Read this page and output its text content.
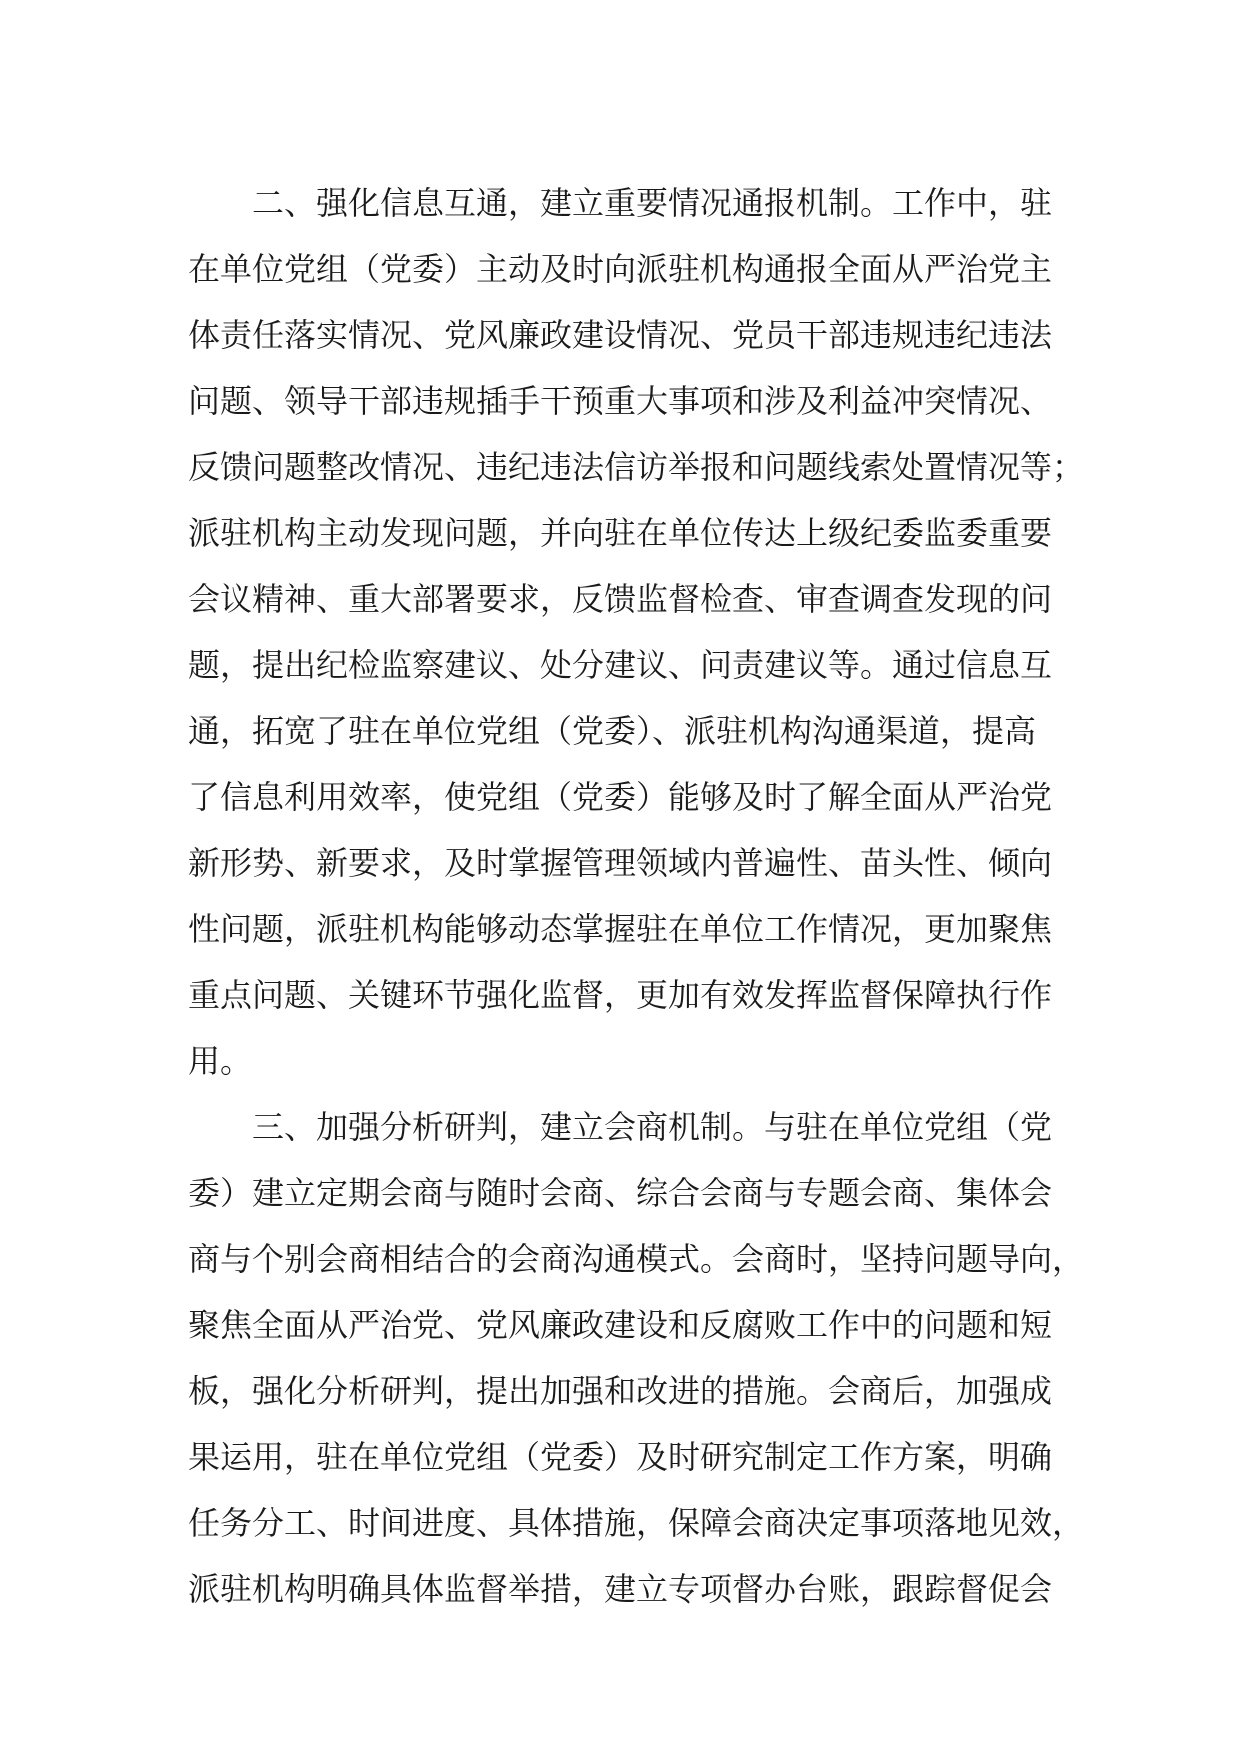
二、强化信息互通，建立重要情况通报机制。工作中，驻
在单位党组（党委）主动及时向派驻机构通报全面从严治党主
体责任落实情况、党风廉政建设情况、党员干部违规违纪违法
问题、领导干部违规插手干预重大事项和涉及利益冲突情况、
反馈问题整改情况、违纪违法信访举报和问题线索处置情况等；
派驻机构主动发现问题，并向驻在单位传达上级纪委监委重要
会议精神、重大部署要求，反馈监督检查、审查调查发现的问
题，提出纪检监察建议、处分建议、问责建议等。通过信息互
通，拓宽了驻在单位党组（党委）、派驻机构沟通渠道，提高
了信息利用效率，使党组（党委）能够及时了解全面从严治党
新形势、新要求，及时掌握管理领域内普遍性、苗头性、倾向
性问题，派驻机构能够动态掌握驻在单位工作情况，更加聚焦
重点问题、关键环节强化监督，更加有效发挥监督保障执行作
用。
三、加强分析研判，建立会商机制。与驻在单位党组（党
委）建立定期会商与随时会商、综合会商与专题会商、集体会
商与个别会商相结合的会商沟通模式。会商时，坚持问题导向，
聚焦全面从严治党、党风廉政建设和反腐败工作中的问题和短
板，强化分析研判，提出加强和改进的措施。会商后，加强成
果运用，驻在单位党组（党委）及时研究制定工作方案，明确
任务分工、时间进度、具体措施，保障会商决定事项落地见效，
派驻机构明确具体监督举措，建立专项督办台账，跟踪督促会
